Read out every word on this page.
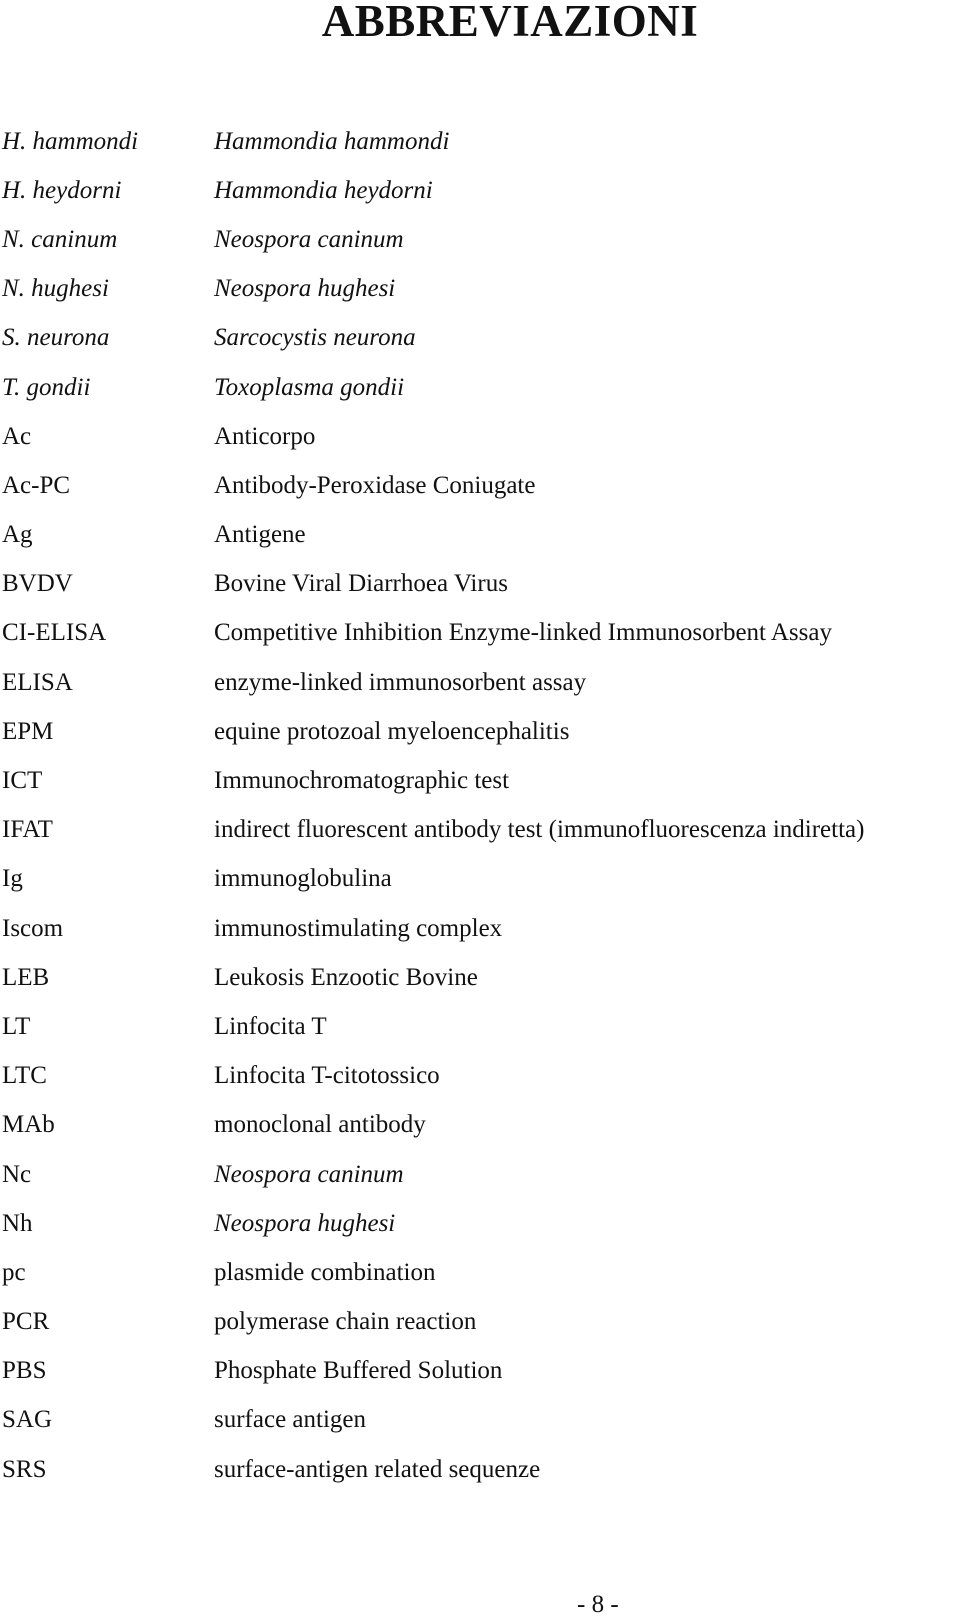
ABBREVIAZIONI
H. hammondi	Hammondia hammondi
H. heydorni	Hammondia heydorni
N. caninum	Neospora caninum
N. hughesi	Neospora hughesi
S. neurona	Sarcocystis neurona
T. gondii	Toxoplasma gondii
Ac	Anticorpo
Ac-PC	Antibody-Peroxidase Coniugate
Ag	Antigene
BVDV	Bovine Viral Diarrhoea Virus
CI-ELISA	Competitive Inhibition Enzyme-linked Immunosorbent Assay
ELISA	enzyme-linked immunosorbent assay
EPM	equine protozoal myeloencephalitis
ICT	Immunochromatographic test
IFAT	indirect fluorescent antibody test (immunofluorescenza indiretta)
Ig	immunoglobulina
Iscom	immunostimulating complex
LEB	Leukosis Enzootic Bovine
LT	Linfocita T
LTC	Linfocita T-citotossico
MAb	monoclonal antibody
Nc	Neospora caninum
Nh	Neospora hughesi
pc	plasmide combination
PCR	polymerase chain reaction
PBS	Phosphate Buffered Solution
SAG	surface antigen
SRS	surface-antigen related sequenze
- 8 -
